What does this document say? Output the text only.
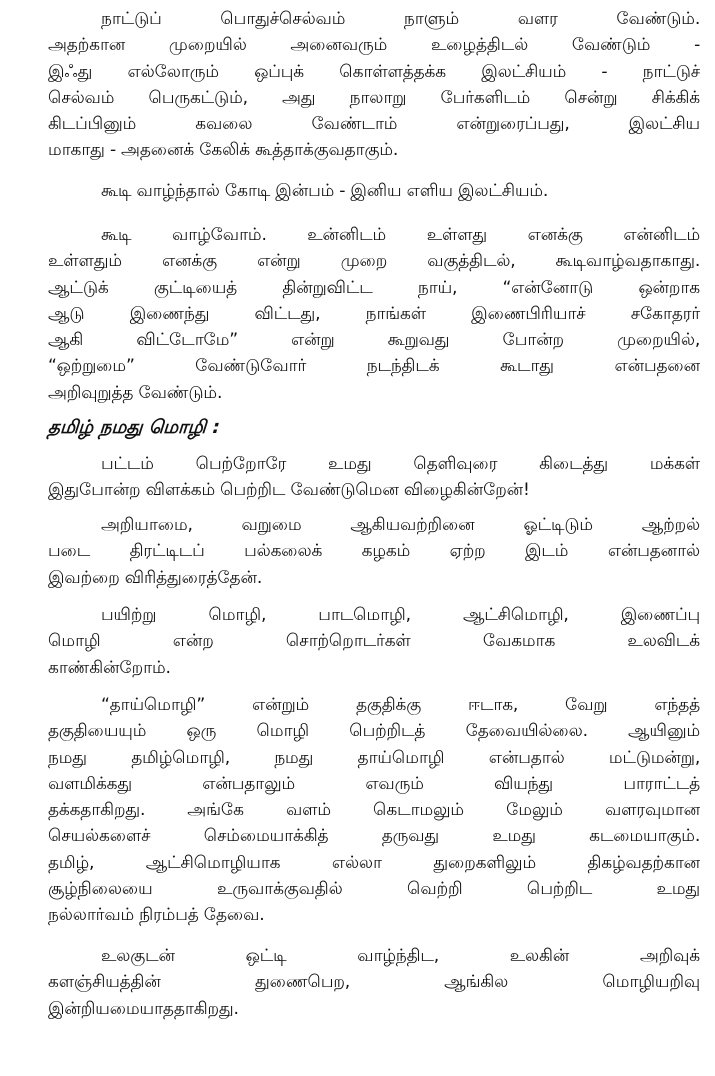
நாட்டுப் பொதுச்செல்வம் நாளும் வளர வேண்டும்.
அதற்கான முறையில் அனைவரும் உழைத்திடல் வேண்டும் -
இஃது எல்லோரும் ஒப்புக் கொள்ளத்தக்க இலட்சியம் - நாட்டுச்
செல்வம் பெருகட்டும், அது நாலாறு பேர்களிடம் சென்று சிக்கிக்
கிடப்பினும் கவலை வேண்டாம் என்றுரைப்பது, இலட்சிய
மாகாது - அதனைக் கேலிக் கூத்தாக்குவதாகும்.
கூடி வாழ்ந்தால் கோடி இன்பம் - இனிய எளிய இலட்சியம்.
கூடி வாழ்வோம். உன்னிடம் உள்ளது எனக்கு என்னிடம்
உள்ளதும் எனக்கு என்று முறை வகுத்திடல், கூடிவாழ்வதாகாது.
ஆட்டுக் குட்டியைத் தின்றுவிட்ட நாய், “என்னோடு ஒன்றாக
ஆடு இணைந்து விட்டது, நாங்கள் இணைபிரியாச் சகோதரர்
ஆகி விட்டோமே” என்று கூறுவது போன்ற முறையில்,
“ஒற்றுமை” வேண்டுவோர் நடந்திடக் கூடாது என்பதனை
அறிவுறுத்த வேண்டும்.
தமிழ் நமது மொழி :
பட்டம் பெற்றோரே உமது தெளிவுரை கிடைத்து மக்கள்
இதுபோன்ற விளக்கம் பெற்றிட வேண்டுமென விழைகின்றேன்!
அறியாமை, வறுமை ஆகியவற்றினை ஓட்டிடும் ஆற்றல்
படை திரட்டிடப் பல்கலைக் கழகம் ஏற்ற இடம் என்பதனால்
இவற்றை விரித்துரைத்தேன்.
பயிற்று மொழி, பாடமொழி, ஆட்சிமொழி, இணைப்பு
மொழி என்ற சொற்றொடர்கள் வேகமாக உலவிடக்
காண்கின்றோம்.
“தாய்மொழி” என்றும் தகுதிக்கு ஈடாக, வேறு எந்தத்
தகுதியையும் ஒரு மொழி பெற்றிடத் தேவையில்லை. ஆயினும்
நமது தமிழ்மொழி, நமது தாய்மொழி என்பதால் மட்டுமன்று,
வளமிக்கது என்பதாலும் எவரும் வியந்து பாராட்டத்
தக்கதாகிறது. அங்கே வளம் கெடாமலும் மேலும் வளரவுமான
செயல்களைச் செம்மையாக்கித் தருவது உமது கடமையாகும்.
தமிழ், ஆட்சிமொழியாக எல்லா துறைகளிலும் திகழ்வதற்கான
சூழ்நிலையை உருவாக்குவதில் வெற்றி பெற்றிட உமது
நல்லார்வம் நிரம்பத் தேவை.
உலகுடன் ஒட்டி வாழ்ந்திட, உலகின் அறிவுக்
களஞ்சியத்தின் துணைபெற, ஆங்கில மொழியறிவு
இன்றியமையாததாகிறது.
